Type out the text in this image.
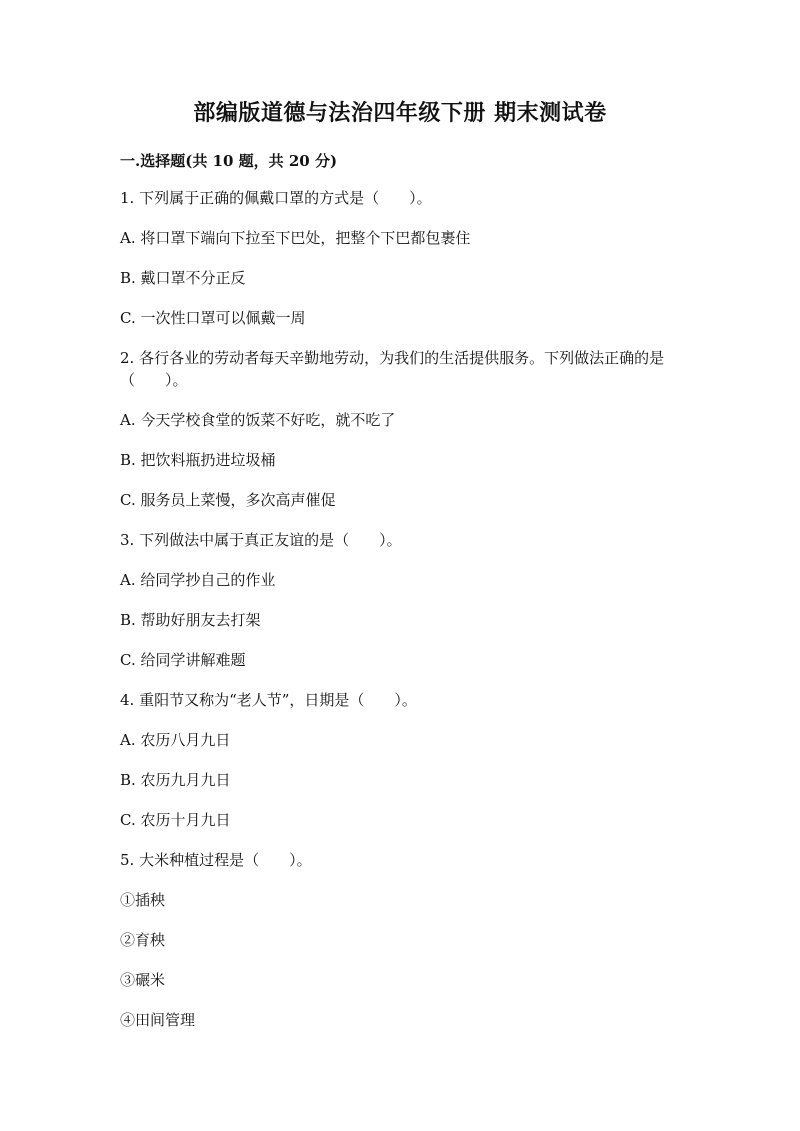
部编版道德与法治四年级下册 期末测试卷
一.选择题(共 10 题，共 20 分)

1. 下列属于正确的佩戴口罩的方式是（　　）。

A. 将口罩下端向下拉至下巴处，把整个下巴都包裹住

B. 戴口罩不分正反

C. 一次性口罩可以佩戴一周

2. 各行各业的劳动者每天辛勤地劳动，为我们的生活提供服务。下列做法正确的是（　　）。

A. 今天学校食堂的饭菜不好吃，就不吃了

B. 把饮料瓶扔进垃圾桶

C. 服务员上菜慢，多次高声催促

3. 下列做法中属于真正友谊的是（　　）。

A. 给同学抄自己的作业

B. 帮助好朋友去打架

C. 给同学讲解难题

4. 重阳节又称为“老人节”，日期是（　　）。

A. 农历八月九日

B. 农历九月九日

C. 农历十月九日

5. 大米种植过程是（　　）。

①插秧

②育秧

③碾米

④田间管理
